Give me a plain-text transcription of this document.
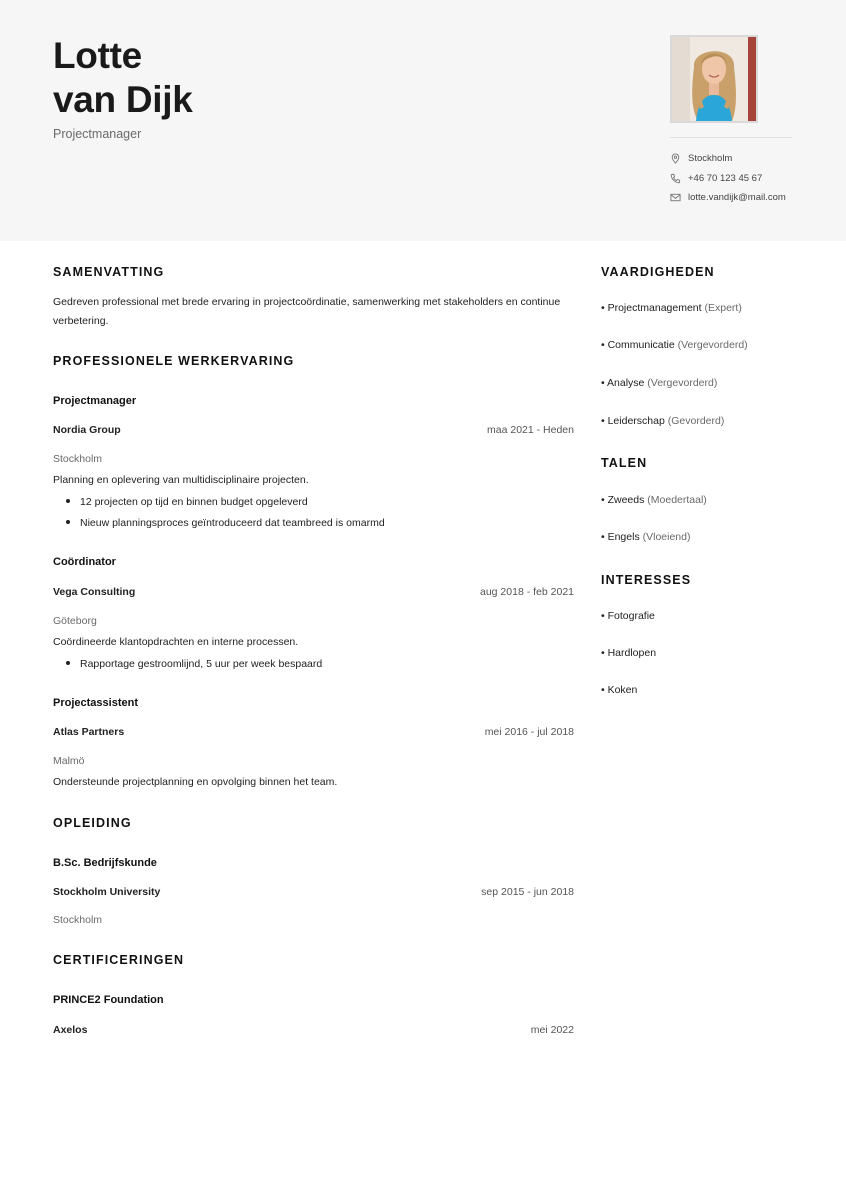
Lotte
van Dijk
Projectmanager
Stockholm
+46 70 123 45 67
lotte.vandijk@mail.com
SAMENVATTING
Gedreven professional met brede ervaring in projectcoördinatie, samenwerking met stakeholders en continue verbetering.
PROFESSIONELE WERKERVARING
Projectmanager
Nordia Group	maa 2021 - Heden
Stockholm
Planning en oplevering van multidisciplinaire projecten.
12 projecten op tijd en binnen budget opgeleverd
Nieuw planningsproces geïntroduceerd dat teambreed is omarmd
Coördinator
Vega Consulting	aug 2018 - feb 2021
Göteborg
Coördineerde klantopdrachten en interne processen.
Rapportage gestroomlijnd, 5 uur per week bespaard
Projectassistent
Atlas Partners	mei 2016 - jul 2018
Malmö
Ondersteunde projectplanning en opvolging binnen het team.
OPLEIDING
B.Sc. Bedrijfskunde
Stockholm University	sep 2015 - jun 2018
Stockholm
CERTIFICERINGEN
PRINCE2 Foundation
Axelos	mei 2022
VAARDIGHEDEN
• Projectmanagement (Expert)
• Communicatie (Vergevorderd)
• Analyse (Vergevorderd)
• Leiderschap (Gevorderd)
TALEN
• Zweeds (Moedertaal)
• Engels (Vloeiend)
INTERESSES
• Fotografie
• Hardlopen
• Koken
